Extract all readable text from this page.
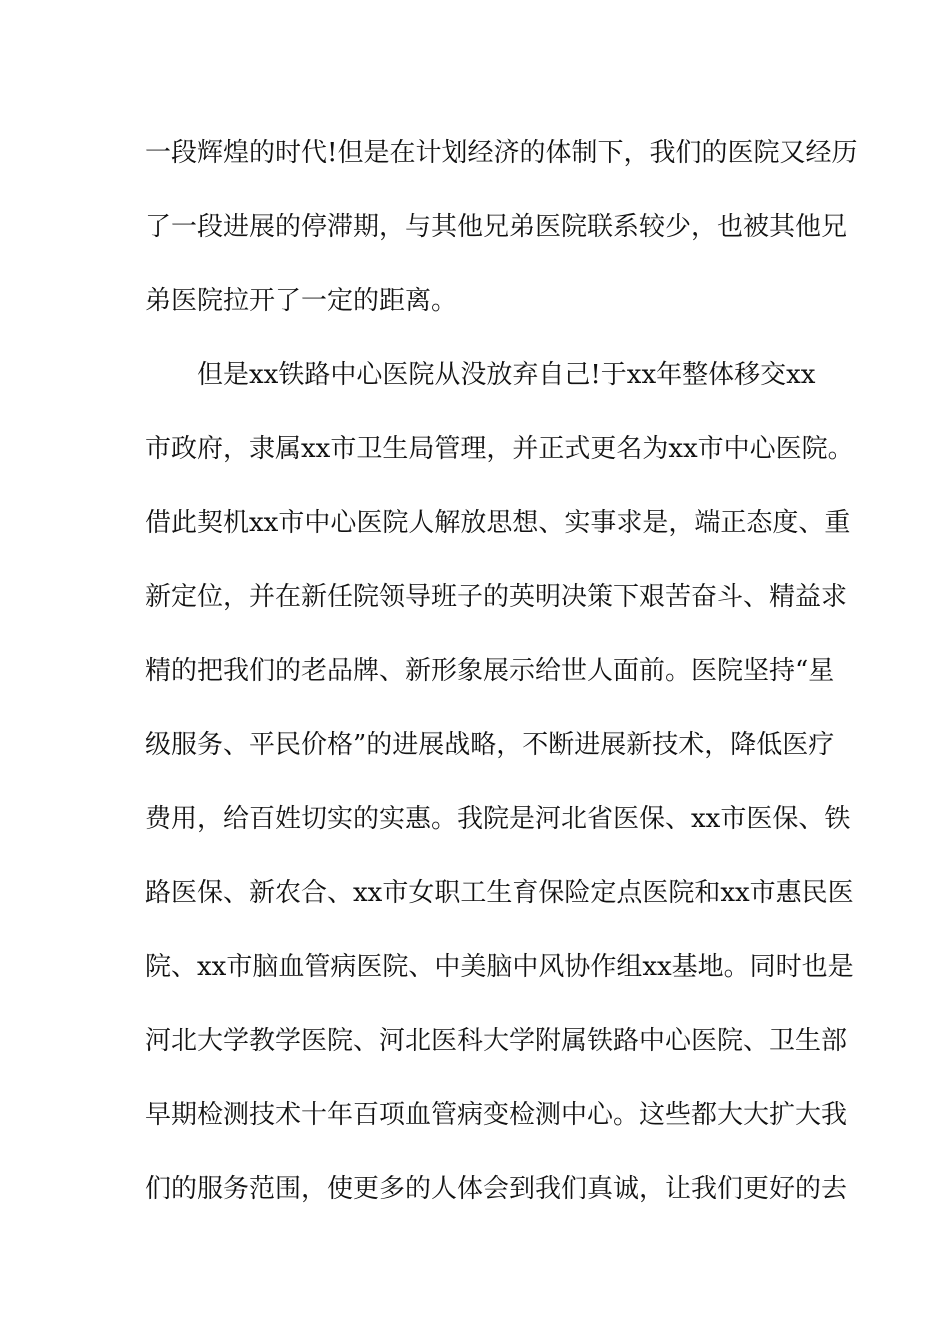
一段辉煌的时代!但是在计划经济的体制下，我们的医院又经历
了一段进展的停滞期，与其他兄弟医院联系较少，也被其他兄
弟医院拉开了一定的距离。
　　但是xx铁路中心医院从没放弃自己!于xx年整体移交xx
市政府，隶属xx市卫生局管理，并正式更名为xx市中心医院。
借此契机xx市中心医院人解放思想、实事求是，端正态度、重
新定位，并在新任院领导班子的英明决策下艰苦奋斗、精益求
精的把我们的老品牌、新形象展示给世人面前。医院坚持“星
级服务、平民价格”的进展战略，不断进展新技术，降低医疗
费用，给百姓切实的实惠。我院是河北省医保、xx市医保、铁
路医保、新农合、xx市女职工生育保险定点医院和xx市惠民医
院、xx市脑血管病医院、中美脑中风协作组xx基地。同时也是
河北大学教学医院、河北医科大学附属铁路中心医院、卫生部
早期检测技术十年百项血管病变检测中心。这些都大大扩大我
们的服务范围，使更多的人体会到我们真诚，让我们更好的去
